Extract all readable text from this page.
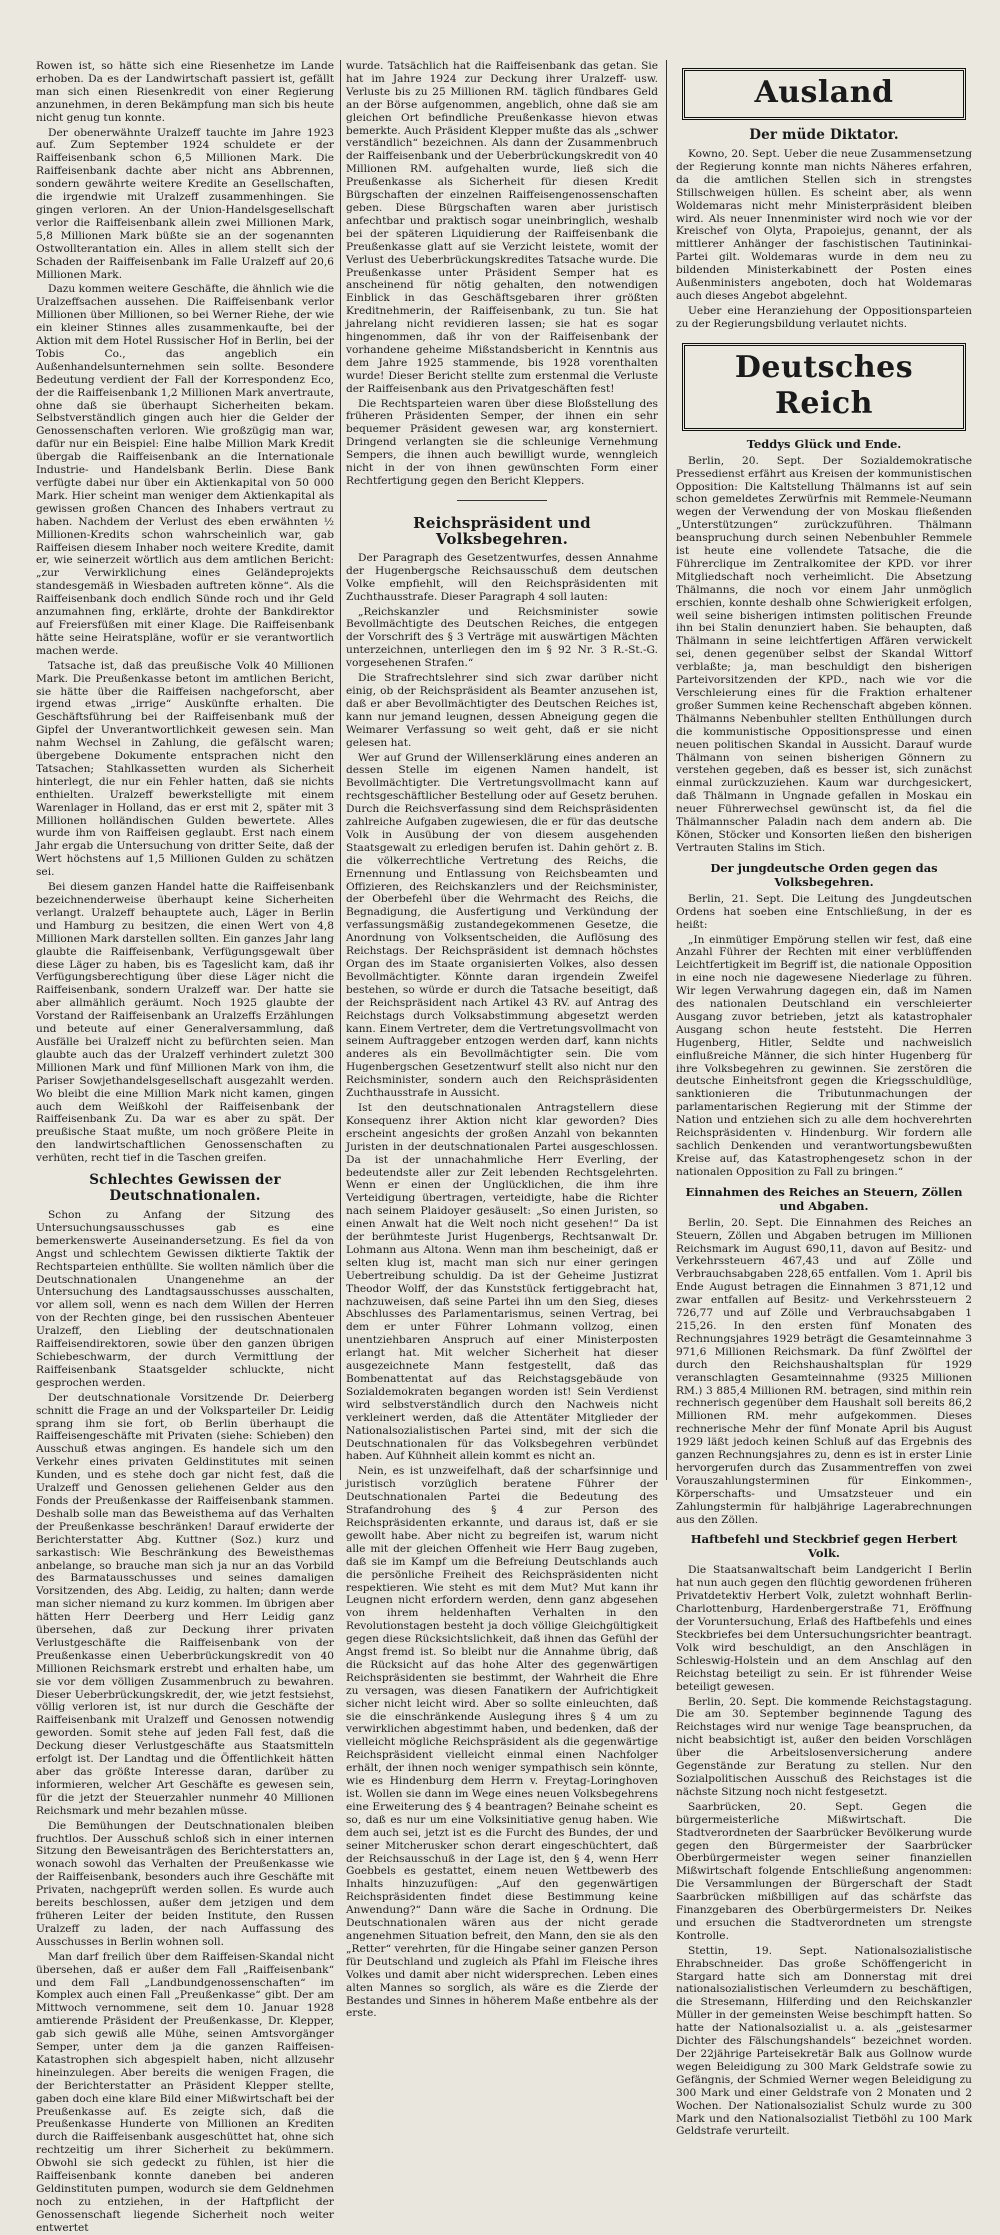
Rowen ist, so hätte sich eine Riesenhetze im Lande erhoben. Da es der Landwirtschaft passiert ist, gefällt man sich einen Riesenkredit von einer Regierung anzunehmen, in deren Bekämpfung man sich bis heute nicht genug tun konnte.

Der obenerwähnte Uralzeff tauchte im Jahre 1923 auf. Zum September 1924 schuldete er der Raiffeisenbank schon 6,5 Millionen Mark. Die Raiffeisenbank dachte aber nicht ans Abbrennen, sondern gewährte weitere Kredite an Gesellschaften, die irgendwie mit Uralzeff zusammenhingen. Sie gingen verloren. An der Union-Handelsgesellschaft verlor die Raiffeisenbank allein zwei Millionen Mark, 5,8 Millionen Mark büßte sie an der sogenannten Ostwollterantation ein. Alles in allem stellt sich der Schaden der Raiffeisenbank im Falle Uralzeff auf 20,6 Millionen Mark.

Dazu kommen weitere Geschäfte, die ähnlich wie die Uralzeffsachen aussehen. Die Raiffeisenbank verlor Millionen über Millionen, so bei Werner Riehe, der wie ein kleiner Stinnes alles zusammenkaufte, bei der Aktion mit dem Hotel Russischer Hof in Berlin, bei der Tobis Co., das angeblich ein Außenhandelsunternehmen sein sollte. Besondere Bedeutung verdient der Fall der Korrespondenz Eco, der die Raiffeisenbank 1,2 Millionen Mark anvertraute, ohne daß sie überhaupt Sicherheiten bekam. Selbstverständlich gingen auch hier die Gelder der Genossenschaften verloren. Wie großzügig man war, dafür nur ein Beispiel: Eine halbe Million Mark Kredit übergab die Raiffeisenbank an die Internationale Industrie- und Handelsbank Berlin. Diese Bank verfügte dabei nur über ein Aktienkapital von 50 000 Mark. Hier scheint man weniger dem Aktienkapital als gewissen großen Chancen des Inhabers vertraut zu haben. Nachdem der Verlust des eben erwähnten ½ Millionen-Kredits schon wahrscheinlich war, gab Raiffeisen diesem Inhaber noch weitere Kredite, damit er, wie seinerzeit wörtlich aus dem amtlichen Bericht: „zur Verwirklichung eines Geländeprojekts standesgemäß in Wiesbaden auftreten könne“. Als die Raiffeisenbank doch endlich Sünde roch und ihr Geld anzumahnen fing, erklärte, drohte der Bankdirektor auf Freiersfüßen mit einer Klage. Die Raiffeisenbank hätte seine Heiratspläne, wofür er sie verantwortlich machen werde.

Tatsache ist, daß das preußische Volk 40 Millionen Mark. Die Preußenkasse betont im amtlichen Bericht, sie hätte über die Raiffeisen nachgeforscht, aber irgend etwas „irrige“ Auskünfte erhalten. Die Geschäftsführung bei der Raiffeisenbank muß der Gipfel der Unverantwortlichkeit gewesen sein. Man nahm Wechsel in Zahlung, die gefälscht waren; übergebene Dokumente entsprachen nicht den Tatsachen; Stahlkassetten wurden als Sicherheit hinterlegt, die nur ein Fehler hatten, daß sie nichts enthielten. Uralzeff bewerkstelligte mit einem Warenlager in Holland, das er erst mit 2, später mit 3 Millionen holländischen Gulden bewertete. Alles wurde ihm von Raiffeisen geglaubt. Erst nach einem Jahr ergab die Untersuchung von dritter Seite, daß der Wert höchstens auf 1,5 Millionen Gulden zu schätzen sei.

Bei diesem ganzen Handel hatte die Raiffeisenbank bezeichnenderweise überhaupt keine Sicherheiten verlangt. Uralzeff behauptete auch, Läger in Berlin und Hamburg zu besitzen, die einen Wert von 4,8 Millionen Mark darstellen sollten. Ein ganzes Jahr lang glaubte die Raiffeisenbank, Verfügungsgewalt über diese Läger zu haben, bis es Tageslicht kam, daß ihr Verfügungsberechtigung über diese Läger nicht die Raiffeisenbank, sondern Uralzeff war. Der hatte sie aber allmählich geräumt. Noch 1925 glaubte der Vorstand der Raiffeisenbank an Uralzeffs Erzählungen und beteute auf einer Generalversammlung, daß Ausfälle bei Uralzeff nicht zu befürchten seien. Man glaubte auch das der Uralzeff verhindert zuletzt 300 Millionen Mark und fünf Millionen Mark von ihm, die Pariser Sowjethandelsgesellschaft ausgezahlt werden. Wo bleibt die eine Million Mark nicht kamen, gingen auch dem Weißkohl der Raiffeisenbank der Raiffeisenbank Zu. Da war es aber zu spät. Der preußische Staat mußte, um noch größere Pleite in den landwirtschaftlichen Genossenschaften zu verhüten, recht tief in die Taschen greifen.

Schlechtes Gewissen der Deutschnationalen.

Schon zu Anfang der Sitzung des Untersuchungsausschusses gab es eine bemerkenswerte Auseinandersetzung. Es fiel da von Angst und schlechtem Gewissen diktierte Taktik der Rechtsparteien enthüllte. Sie wollten nämlich über die Deutschnationalen Unangenehme an der Untersuchung des Landtagsausschusses ausschalten, vor allem soll, wenn es nach dem Willen der Herren von der Rechten ginge, bei den russischen Abenteuer Uralzeff, den Liebling der deutschnationalen Raiffeisendirektoren, sowie über den ganzen übrigen Schiebeschwarm, der durch Vermittlung der Raiffeisenbank Staatsgelder schluckte, nicht gesprochen werden.

Der deutschnationale Vorsitzende Dr. Deierberg schnitt die Frage an und der Volksparteiler Dr. Leidig sprang ihm sie fort, ob Berlin überhaupt die Raiffeisengeschäfte mit Privaten (siehe: Schieben) den Ausschuß etwas angingen. Es handele sich um den Verkehr eines privaten Geldinstitutes mit seinen Kunden, und es stehe doch gar nicht fest, daß die Uralzeff und Genossen geliehenen Gelder aus den Fonds der Preußenkasse der Raiffeisenbank stammen. Deshalb solle man das Beweisthema auf das Verhalten der Preußenkasse beschränken! Darauf erwiderte der Berichterstatter Abg. Kuttner (Soz.) kurz und sarkastisch: Wie Beschränkung des Beweisthemas anbelange, so brauche man sich ja nur an das Vorbild des Barmatausschusses und seines damaligen Vorsitzenden, des Abg. Leidig, zu halten; dann werde man sicher niemand zu kurz kommen. Im übrigen aber hätten Herr Deerberg und Herr Leidig ganz übersehen, daß zur Deckung ihrer privaten Verlustgeschäfte die Raiffeisenbank von der Preußenkasse einen Ueberbrückungskredit von 40 Millionen Reichsmark erstrebt und erhalten habe, um sie vor dem völligen Zusammenbruch zu bewahren. Dieser Ueberbrückungskredit, der, wie jetzt festsiehst, völlig verloren ist, ist nur durch die Geschäfte der Raiffeisenbank mit Uralzeff und Genossen notwendig geworden. Somit stehe auf jeden Fall fest, daß die Deckung dieser Verlustgeschäfte aus Staatsmitteln erfolgt ist. Der Landtag und die Öffentlichkeit hätten aber das größte Interesse daran, darüber zu informieren, welcher Art Geschäfte es gewesen sein, für die jetzt der Steuerzahler nunmehr 40 Millionen Reichsmark und mehr bezahlen müsse.

Die Bemühungen der Deutschnationalen bleiben fruchtlos. Der Ausschuß schloß sich in einer internen Sitzung den Beweisanträgen des Berichterstatters an, wonach sowohl das Verhalten der Preußenkasse wie der Raiffeisenbank, besonders auch ihre Geschäfte mit Privaten, nachgeprüft werden sollen. Es wurde auch bereits beschlossen, außer dem jetzigen und dem früheren Leiter der beiden Institute, den Russen Uralzeff zu laden, der nach Auffassung des Ausschusses in Berlin wohnen soll.

Man darf freilich über dem Raiffeisen-Skandal nicht übersehen, daß er außer dem Fall „Raiffeisenbank“ und dem Fall „Landbundgenossenschaften“ im Komplex auch einen Fall „Preußenkasse“ gibt. Der am Mittwoch vernommene, seit dem 10. Januar 1928 amtierende Präsident der Preußenkasse, Dr. Klepper, gab sich gewiß alle Mühe, seinen Amtsvorgänger Semper, unter dem ja die ganzen Raiffeisen-Katastrophen sich abgespielt haben, nicht allzusehr hineinzulegen. Aber bereits die wenigen Fragen, die der Berichterstatter an Präsident Klepper stellte, gaben doch eine klare Bild einer Mißwirtschaft bei der Preußenkasse auf. Es zeigte sich, daß die Preußenkasse Hunderte von Millionen an Krediten durch die Raiffeisenbank ausgeschüttet hat, ohne sich rechtzeitig um ihrer Sicherheit zu bekümmern. Obwohl sie sich gedeckt zu fühlen, ist hier die Raiffeisenbank konnte daneben bei anderen Geldinstituten pumpen, wodurch sie dem Geldnehmen noch zu entziehen, in der Haftpflicht der Genossenschaft liegende Sicherheit noch weiter entwertet

wurde. Tatsächlich hat die Raiffeisenbank das getan. Sie hat im Jahre 1924 zur Deckung ihrer Uralzeff- usw. Verluste bis zu 25 Millionen RM. täglich fündbares Geld an der Börse aufgenommen, angeblich, ohne daß sie am gleichen Ort befindliche Preußenkasse hievon etwas bemerkte. Auch Präsident Klepper mußte das als „schwer verständlich“ bezeichnen. Als dann der Zusammenbruch der Raiffeisenbank und der Ueberbrückungskredit von 40 Millionen RM. aufgehalten wurde, ließ sich die Preußenkasse als Sicherheit für diesen Kredit Bürgschaften der einzelnen Raiffeisengenossenschaften geben. Diese Bürgschaften waren aber juristisch anfechtbar und praktisch sogar uneinbringlich, weshalb bei der späteren Liquidierung der Raiffeisenbank die Preußenkasse glatt auf sie Verzicht leistete, womit der Verlust des Ueberbrückungskredites Tatsache wurde. Die Preußenkasse unter Präsident Semper hat es anscheinend für nötig gehalten, den notwendigen Einblick in das Geschäftsgebaren ihrer größten Kreditnehmerin, der Raiffeisenbank, zu tun. Sie hat jahrelang nicht revidieren lassen; sie hat es sogar hingenommen, daß ihr von der Raiffeisenbank der vorhandene geheime Mißstandsbericht in Kenntnis aus dem Jahre 1925 stammende, bis 1928 vorenthalten wurde! Dieser Bericht stellte zum erstenmal die Verluste der Raiffeisenbank aus den Privatgeschäften fest!

Die Rechtsparteien waren über diese Bloßstellung des früheren Präsidenten Semper, der ihnen ein sehr bequemer Präsident gewesen war, arg konsterniert. Dringend verlangten sie die schleunige Vernehmung Sempers, die ihnen auch bewilligt wurde, wenngleich nicht in der von ihnen gewünschten Form einer Rechtfertigung gegen den Bericht Kleppers.

Reichspräsident und Volksbegehren.

Der Paragraph des Gesetzentwurfes, dessen Annahme der Hugenbergsche Reichsausschuß dem deutschen Volke empfiehlt, will den Reichspräsidenten mit Zuchthausstrafe. Dieser Paragraph 4 soll lauten:

„Reichskanzler und Reichsminister sowie Bevollmächtigte des Deutschen Reiches, die entgegen der Vorschrift des § 3 Verträge mit auswärtigen Mächten unterzeichnen, unterliegen den im § 92 Nr. 3 R.-St.-G. vorgesehenen Strafen.“

Die Strafrechtslehrer sind sich zwar darüber nicht einig, ob der Reichspräsident als Beamter anzusehen ist, daß er aber Bevollmächtigter des Deutschen Reiches ist, kann nur jemand leugnen, dessen Abneigung gegen die Weimarer Verfassung so weit geht, daß er sie nicht gelesen hat.

Wer auf Grund der Willenserklärung eines anderen an dessen Stelle im eigenen Namen handelt, ist Bevollmächtigter. Die Vertretungsvollmacht kann auf rechtsgeschäftlicher Bestellung oder auf Gesetz beruhen. Durch die Reichsverfassung sind dem Reichspräsidenten zahlreiche Aufgaben zugewiesen, die er für das deutsche Volk in Ausübung der von diesem ausgehenden Staatsgewalt zu erledigen berufen ist. Dahin gehört z. B. die völkerrechtliche Vertretung des Reichs, die Ernennung und Entlassung von Reichsbeamten und Offizieren, des Reichskanzlers und der Reichsminister, der Oberbefehl über die Wehrmacht des Reichs, die Begnadigung, die Ausfertigung und Verkündung der verfassungsmäßig zustandegekommenen Gesetze, die Anordnung von Volksentscheiden, die Auflösung des Reichstags. Der Reichspräsident ist demnach höchstes Organ des im Staate organisierten Volkes, also dessen Bevollmächtigter. Könnte daran irgendein Zweifel bestehen, so würde er durch die Tatsache beseitigt, daß der Reichspräsident nach Artikel 43 RV. auf Antrag des Reichstags durch Volksabstimmung abgesetzt werden kann. Einem Vertreter, dem die Vertretungsvollmacht von seinem Auftraggeber entzogen werden darf, kann nichts anderes als ein Bevollmächtigter sein. Die vom Hugenbergschen Gesetzentwurf stellt also nicht nur den Reichsminister, sondern auch den Reichspräsidenten Zuchthausstrafe in Aussicht.

Ist den deutschnationalen Antragstellern diese Konsequenz ihrer Aktion nicht klar geworden? Dies erscheint angesichts der großen Anzahl von bekannten Juristen in der deutschnationalen Partei ausgeschlossen. Da ist der unnachahmliche Herr Everling, der bedeutendste aller zur Zeit lebenden Rechtsgelehrten. Wenn er einen der Unglücklichen, die ihm ihre Verteidigung übertragen, verteidigte, habe die Richter nach seinem Plaidoyer gesäuselt: „So einen Juristen, so einen Anwalt hat die Welt noch nicht gesehen!“ Da ist der berühmteste Jurist Hugenbergs, Rechtsanwalt Dr. Lohmann aus Altona. Wenn man ihm bescheinigt, daß er selten klug ist, macht man sich nur einer geringen Uebertreibung schuldig. Da ist der Geheime Justizrat Theodor Wolff, der das Kunststück fertiggebracht hat, nachzuweisen, daß seine Partei ihn um den Sieg, dieses Abschlusses des Parlamentarismus, seinen Vertrag, bei dem er unter Führer Lohmann vollzog, einen unentziehbaren Anspruch auf einer Ministerposten erlangt hat. Mit welcher Sicherheit hat dieser ausgezeichnete Mann festgestellt, daß das Bombenattentat auf das Reichstagsgebäude von Sozialdemokraten begangen worden ist! Sein Verdienst wird selbstverständlich durch den Nachweis nicht verkleinert werden, daß die Attentäter Mitglieder der Nationalsozialistischen Partei sind, mit der sich die Deutschnationalen für das Volksbegehren verbündet haben. Auf Kühnheit allein kommt es nicht an.

Nein, es ist unzweifelhaft, daß der scharfsinnige und juristisch vorzüglich beratene Führer der Deutschnationalen Partei die Bedeutung des Strafandrohung des § 4 zur Person des Reichspräsidenten erkannte, und daraus ist, daß er sie gewollt habe. Aber nicht zu begreifen ist, warum nicht alle mit der gleichen Offenheit wie Herr Baug zugeben, daß sie im Kampf um die Befreiung Deutschlands auch die persönliche Freiheit des Reichspräsidenten nicht respektieren. Wie steht es mit dem Mut? Mut kann ihr Leugnen nicht erfordern werden, denn ganz abgesehen von ihrem heldenhaften Verhalten in den Revolutionstagen besteht ja doch völlige Gleichgültigkeit gegen diese Rücksichtslichkeit, daß ihnen das Gefühl der Angst fremd ist. So bleibt nur die Annahme übrig, daß die Rücksicht auf das hohe Alter des gegenwärtigen Reichspräsidenten sie bestimmt, der Wahrheit die Ehre zu versagen, was diesen Fanatikern der Aufrichtigkeit sicher nicht leicht wird. Aber so sollte einleuchten, daß sie die einschränkende Auslegung ihres § 4 um zu verwirklichen abgestimmt haben, und bedenken, daß der vielleicht mögliche Reichspräsident als die gegenwärtige Reichspräsident vielleicht einmal einen Nachfolger erhält, der ihnen noch weniger sympathisch sein könnte, wie es Hindenburg dem Herrn v. Freytag-Loringhoven ist. Wollen sie dann im Wege eines neuen Volksbegehrens eine Erweiterung des § 4 beantragen? Beinahe scheint es so, daß es nur um eine Volksinitiative genug haben. Wie dem auch sei, jetzt ist es die Furcht des Bundes, der und seiner Mitcherusker schon derart eingeschüchtert, daß der Reichsausschuß in der Lage ist, den § 4, wenn Herr Goebbels es gestattet, einem neuen Wettbewerb des Inhalts hinzuzufügen: „Auf den gegenwärtigen Reichspräsidenten findet diese Bestimmung keine Anwendung?“ Dann wäre die Sache in Ordnung. Die Deutschnationalen wären aus der nicht gerade angenehmen Situation befreit, den Mann, den sie als den „Retter“ verehrten, für die Hingabe seiner ganzen Person für Deutschland und zugleich als Pfahl im Fleische ihres Volkes und damit aber nicht widersprechen. Leben eines alten Mannes so sorglich, als wäre es die Zierde der Bestandes und Sinnes in höherem Maße entbehre als der erste.

Ausland
Der müde Diktator.

Kowno, 20. Sept. Ueber die neue Zusammensetzung der Regierung konnte man nichts Näheres erfahren, da die amtlichen Stellen sich in strengstes Stillschweigen hüllen. Es scheint aber, als wenn Woldemaras nicht mehr Ministerpräsident bleiben wird. Als neuer Innenminister wird noch wie vor der Kreischef von Olyta, Prapoiejus, genannt, der als mittlerer Anhänger der faschistischen Tautininkai-Partei gilt. Woldemaras wurde in dem neu zu bildenden Ministerkabinett der Posten eines Außenministers angeboten, doch hat Woldemaras auch dieses Angebot abgelehnt.

Ueber eine Heranziehung der Oppositionsparteien zu der Regierungsbildung verlautet nichts.

Deutsches Reich
Teddys Glück und Ende.

Berlin, 20. Sept. Der Sozialdemokratische Pressedienst erfährt aus Kreisen der kommunistischen Opposition: Die Kaltstellung Thälmanns ist auf sein schon gemeldetes Zerwürfnis mit Remmele-Neumann wegen der Verwendung der von Moskau fließenden „Unterstützungen“ zurückzuführen. Thälmann beanspruchung durch seinen Nebenbuhler Remmele ist heute eine vollendete Tatsache, die die Führerclique im Zentralkomitee der KPD. vor ihrer Mitgliedschaft noch verheimlicht. Die Absetzung Thälmanns, die noch vor einem Jahr unmöglich erschien, konnte deshalb ohne Schwierigkeit erfolgen, weil seine bisherigen intimsten politischen Freunde ihn bei Stalin denunziert haben. Sie behaupten, daß Thälmann in seine leichtfertigen Affären verwickelt sei, denen gegenüber selbst der Skandal Wittorf verblaßte; ja, man beschuldigt den bisherigen Parteivorsitzenden der KPD., nach wie vor die Verschleierung eines für die Fraktion erhaltener großer Summen keine Rechenschaft abgeben können. Thälmanns Nebenbuhler stellten Enthüllungen durch die kommunistische Oppositionspresse und einen neuen politischen Skandal in Aussicht. Darauf wurde Thälmann von seinen bisherigen Gönnern zu verstehen gegeben, daß es besser ist, sich zunächst einmal zurückzuziehen. Kaum war durchgesickert, daß Thälmann in Ungnade gefallen in Moskau ein neuer Führerwechsel gewünscht ist, da fiel die Thälmannscher Paladin nach dem andern ab. Die Könen, Stöcker und Konsorten ließen den bisherigen Vertrauten Stalins im Stich.

Der jungdeutsche Orden gegen das Volksbegehren.

Berlin, 21. Sept. Die Leitung des Jungdeutschen Ordens hat soeben eine Entschließung, in der es heißt:

„In einmütiger Empörung stellen wir fest, daß eine Anzahl Führer der Rechten mit einer verblüffenden Leichtfertigkeit im Begriff ist, die nationale Opposition in eine noch nie dagewesene Niederlage zu führen. Wir legen Verwahrung dagegen ein, daß im Namen des nationalen Deutschland ein verschleierter Ausgang zuvor betrieben, jetzt als katastrophaler Ausgang schon heute feststeht. Die Herren Hugenberg, Hitler, Seldte und nachweislich einflußreiche Männer, die sich hinter Hugenberg für ihre Volksbegehren zu gewinnen. Sie zerstören die deutsche Einheitsfront gegen die Kriegsschuldlüge, sanktionieren die Tributunmachungen der parlamentarischen Regierung mit der Stimme der Nation und entziehen sich zu alle dem hochverehrten Reichspräsidenten v. Hindenburg. Wir fordern alle sachlich Denkenden und verantwortungsbewußten Kreise auf, das Katastrophengesetz schon in der nationalen Opposition zu Fall zu bringen.“

Einnahmen des Reiches an Steuern, Zöllen und Abgaben.

Berlin, 20. Sept. Die Einnahmen des Reiches an Steuern, Zöllen und Abgaben betrugen im Millionen Reichsmark im August 690,11, davon auf Besitz- und Verkehrssteuern 467,43 und auf Zölle und Verbrauchsabgaben 228,65 entfallen. Vom 1. April bis Ende August betragen die Einnahmen 3 871,12 und zwar entfallen auf Besitz- und Verkehrssteuern 2 726,77 und auf Zölle und Verbrauchsabgaben 1 215,26. In den ersten fünf Monaten des Rechnungsjahres 1929 beträgt die Gesamteinnahme 3 971,6 Millionen Reichsmark. Da fünf Zwölftel der durch den Reichshaushaltsplan für 1929 veranschlagten Gesamteinnahme (9325 Millionen RM.) 3 885,4 Millionen RM. betragen, sind mithin rein rechnerisch gegenüber dem Haushalt soll bereits 86,2 Millionen RM. mehr aufgekommen. Dieses rechnerische Mehr der fünf Monate April bis August 1929 läßt jedoch keinen Schluß auf das Ergebnis des ganzen Rechnungsjahres zu, denn es ist in erster Linie hervorgerufen durch das Zusammentreffen von zwei Vorauszahlungsterminen für Einkommen-, Körperschafts- und Umsatzsteuer und ein Zahlungstermin für halbjährige Lagerabrechnungen aus den Zöllen.

Haftbefehl und Steckbrief gegen Herbert Volk.

Die Staatsanwaltschaft beim Landgericht I Berlin hat nun auch gegen den flüchtig gewordenen früheren Privatdetektiv Herbert Volk, zuletzt wohnhaft Berlin-Charlottenburg, Hardenbergerstraße 71, Eröffnung der Voruntersuchung, Erlaß des Haftbefehls und eines Steckbriefes bei dem Untersuchungsrichter beantragt. Volk wird beschuldigt, an den Anschlägen in Schleswig-Holstein und an dem Anschlag auf den Reichstag beteiligt zu sein. Er ist führender Weise beteiligt gewesen.

Berlin, 20. Sept. Die kommende Reichstagstagung. Die am 30. September beginnende Tagung des Reichstages wird nur wenige Tage beanspruchen, da nicht beabsichtigt ist, außer den beiden Vorschlägen über die Arbeitslosenversicherung andere Gegenstände zur Beratung zu stellen. Nur den Sozialpolitischen Ausschuß des Reichstages ist die nächste Sitzung noch nicht festgesetzt.

Saarbrücken, 20. Sept. Gegen die bürgermeisterliche Mißwirtschaft. Die Stadtverordneten der Saarbrücker Bevölkerung wurde gegen den Bürgermeister der Saarbrücker Oberbürgermeister wegen seiner finanziellen Mißwirtschaft folgende Entschließung angenommen: Die Versammlungen der Bürgerschaft der Stadt Saarbrücken mißbilligen auf das schärfste das Finanzgebaren des Oberbürgermeisters Dr. Neikes und ersuchen die Stadtverordneten um strengste Kontrolle.

Stettin, 19. Sept. Nationalsozialistische Ehrabschneider. Das große Schöffengericht in Stargard hatte sich am Donnerstag mit drei nationalsozialistischen Verleumdern zu beschäftigen, die Stresemann, Hilferding und den Reichskanzler Müller in der gemeinsten Weise beschimpft hatten. So hatte der Nationalsozialist u. a. als „geistesarmer Dichter des Fälschungshandels“ bezeichnet worden. Der 22jährige Parteisekretär Balk aus Gollnow wurde wegen Beleidigung zu 300 Mark Geldstrafe sowie zu Gefängnis, der Schmied Werner wegen Beleidigung zu 300 Mark und einer Geldstrafe von 2 Monaten und 2 Wochen. Der Nationalsozialist Schulz wurde zu 300 Mark und den Nationalsozialist Tietböhl zu 100 Mark Geldstrafe verurteilt.
